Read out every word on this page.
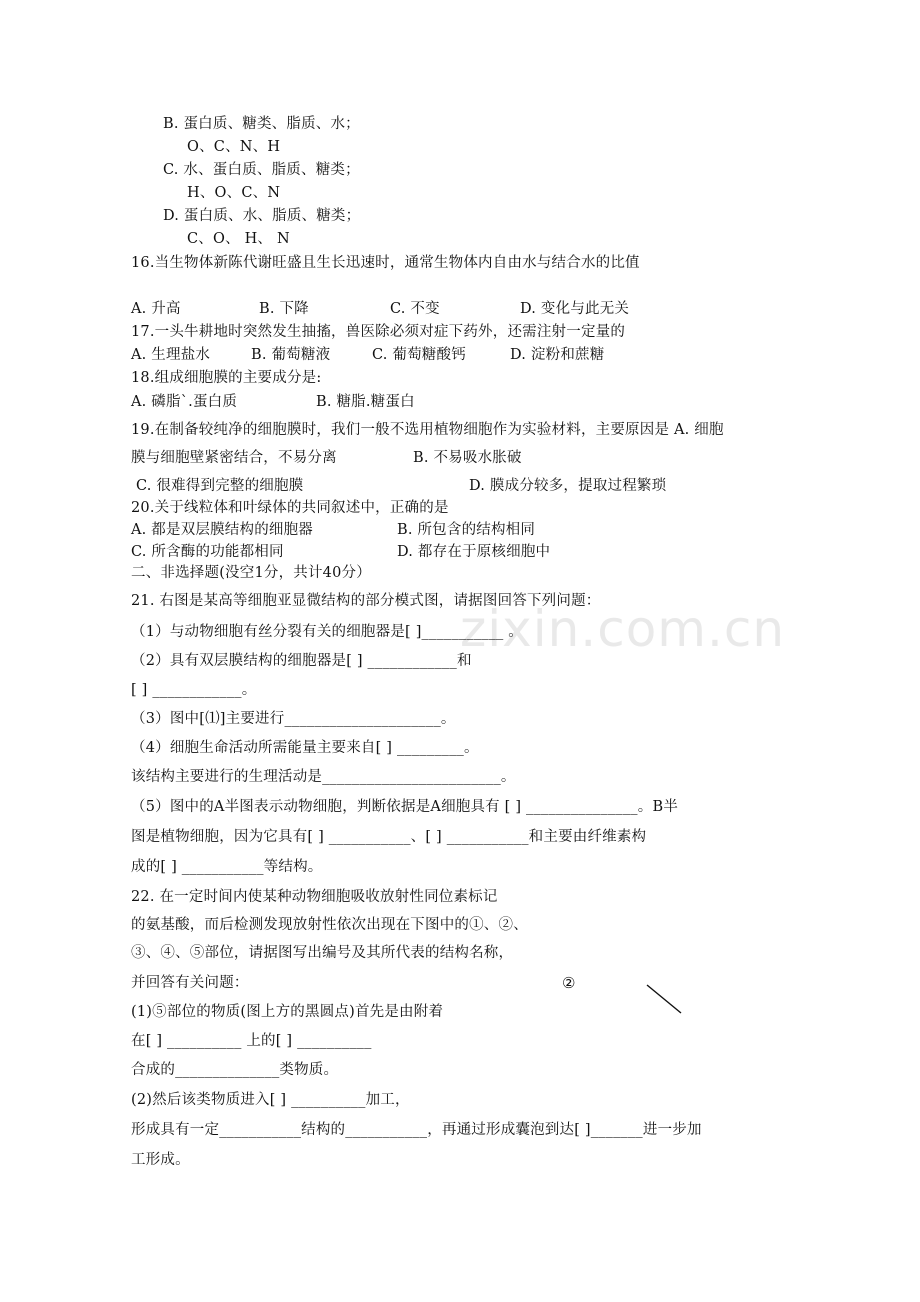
zixin.com.cn
B. 蛋白质、糖类、脂质、水；
O、C、N、H
C. 水、蛋白质、脂质、糖类；
H、O、C、N
D. 蛋白质、水、脂质、糖类；
C、O、 H、 N
16.当生物体新陈代谢旺盛且生长迅速时，通常生物体内自由水与结合水的比值
A. 升高	B. 下降	C. 不变	D. 变化与此无关
17.一头牛耕地时突然发生抽搐，兽医除必须对症下药外，还需注射一定量的
A. 生理盐水	B. 葡萄糖液	C. 葡萄糖酸钙	D. 淀粉和蔗糖
18.组成细胞膜的主要成分是:
A. 磷脂`.蛋白质	B. 糖脂.糖蛋白
19.在制备较纯净的细胞膜时，我们一般不选用植物细胞作为实验材料，主要原因是 A. 细胞
膜与细胞壁紧密结合，不易分离	B. 不易吸水胀破
C. 很难得到完整的细胞膜	D. 膜成分较多，提取过程繁琐
20.关于线粒体和叶绿体的共同叙述中，正确的是
A. 都是双层膜结构的细胞器	B. 所包含的结构相同
C. 所含酶的功能都相同	D. 都存在于原核细胞中
二、非选择题(没空1分，共计40分）
21. 右图是某高等细胞亚显微结构的部分模式图，请据图回答下列问题：
（1）与动物细胞有丝分裂有关的细胞器是[ ]___________ 。
（2）具有双层膜结构的细胞器是[ ] ____________和
[ ] ____________。
（3）图中[⑴]主要进行_____________________。
（4）细胞生命活动所需能量主要来自[ ] _________。
该结构主要进行的生理活动是________________________。
（5）图中的A半图表示动物细胞，判断依据是A细胞具有 [ ] _______________。B半
图是植物细胞，因为它具有[ ] ___________、[ ] ___________和主要由纤维素构
成的[ ] ___________等结构。
22. 在一定时间内使某种动物细胞吸收放射性同位素标记
的氨基酸，而后检测发现放射性依次出现在下图中的①、②、
③、④、⑤部位，请据图写出编号及其所代表的结构名称，
并回答有关问题：	②
(1)⑤部位的物质(图上方的黑圆点)首先是由附着
在[ ] __________ 上的[ ] __________
合成的______________类物质。
(2)然后该类物质进入[ ] __________加工，
形成具有一定___________结构的___________，再通过形成囊泡到达[ ]_______进一步加
工形成。
